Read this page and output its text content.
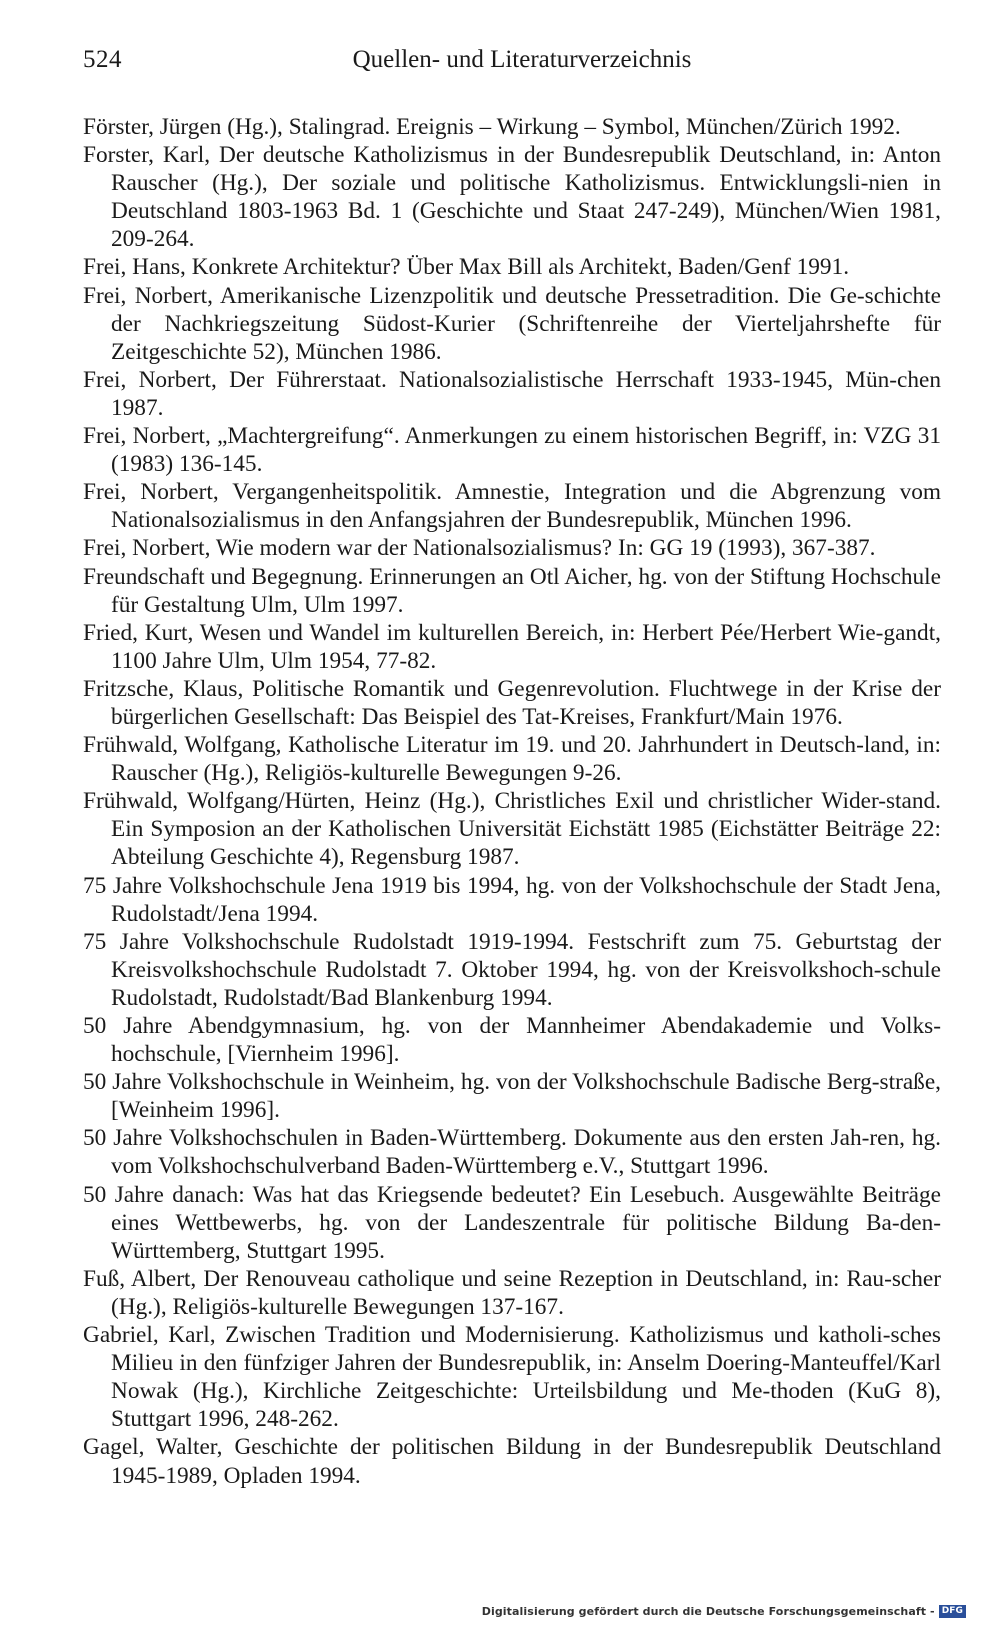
524	Quellen- und Literaturverzeichnis
Förster, Jürgen (Hg.), Stalingrad. Ereignis – Wirkung – Symbol, München/Zürich 1992.
Forster, Karl, Der deutsche Katholizismus in der Bundesrepublik Deutschland, in: Anton Rauscher (Hg.), Der soziale und politische Katholizismus. Entwicklungsli-nien in Deutschland 1803-1963 Bd. 1 (Geschichte und Staat 247-249), München/Wien 1981, 209-264.
Frei, Hans, Konkrete Architektur? Über Max Bill als Architekt, Baden/Genf 1991.
Frei, Norbert, Amerikanische Lizenzpolitik und deutsche Pressetradition. Die Ge-schichte der Nachkriegszeitung Südost-Kurier (Schriftenreihe der Vierteljahrshefte für Zeitgeschichte 52), München 1986.
Frei, Norbert, Der Führerstaat. Nationalsozialistische Herrschaft 1933-1945, Mün-chen 1987.
Frei, Norbert, „Machtergreifung“. Anmerkungen zu einem historischen Begriff, in: VZG 31 (1983) 136-145.
Frei, Norbert, Vergangenheitspolitik. Amnestie, Integration und die Abgrenzung vom Nationalsozialismus in den Anfangsjahren der Bundesrepublik, München 1996.
Frei, Norbert, Wie modern war der Nationalsozialismus? In: GG 19 (1993), 367-387.
Freundschaft und Begegnung. Erinnerungen an Otl Aicher, hg. von der Stiftung Hochschule für Gestaltung Ulm, Ulm 1997.
Fried, Kurt, Wesen und Wandel im kulturellen Bereich, in: Herbert Pée/Herbert Wie-gandt, 1100 Jahre Ulm, Ulm 1954, 77-82.
Fritzsche, Klaus, Politische Romantik und Gegenrevolution. Fluchtwege in der Krise der bürgerlichen Gesellschaft: Das Beispiel des Tat-Kreises, Frankfurt/Main 1976.
Frühwald, Wolfgang, Katholische Literatur im 19. und 20. Jahrhundert in Deutsch-land, in: Rauscher (Hg.), Religiös-kulturelle Bewegungen 9-26.
Frühwald, Wolfgang/Hürten, Heinz (Hg.), Christliches Exil und christlicher Wider-stand. Ein Symposion an der Katholischen Universität Eichstätt 1985 (Eichstätter Beiträge 22: Abteilung Geschichte 4), Regensburg 1987.
75 Jahre Volkshochschule Jena 1919 bis 1994, hg. von der Volkshochschule der Stadt Jena, Rudolstadt/Jena 1994.
75 Jahre Volkshochschule Rudolstadt 1919-1994. Festschrift zum 75. Geburtstag der Kreisvolkshochschule Rudolstadt 7. Oktober 1994, hg. von der Kreisvolkshoch-schule Rudolstadt, Rudolstadt/Bad Blankenburg 1994.
50 Jahre Abendgymnasium, hg. von der Mannheimer Abendakademie und Volks-hochschule, [Viernheim 1996].
50 Jahre Volkshochschule in Weinheim, hg. von der Volkshochschule Badische Berg-straße, [Weinheim 1996].
50 Jahre Volkshochschulen in Baden-Württemberg. Dokumente aus den ersten Jah-ren, hg. vom Volkshochschulverband Baden-Württemberg e.V., Stuttgart 1996.
50 Jahre danach: Was hat das Kriegsende bedeutet? Ein Lesebuch. Ausgewählte Beiträge eines Wettbewerbs, hg. von der Landeszentrale für politische Bildung Ba-den-Württemberg, Stuttgart 1995.
Fuß, Albert, Der Renouveau catholique und seine Rezeption in Deutschland, in: Rau-scher (Hg.), Religiös-kulturelle Bewegungen 137-167.
Gabriel, Karl, Zwischen Tradition und Modernisierung. Katholizismus und katholi-sches Milieu in den fünfziger Jahren der Bundesrepublik, in: Anselm Doering-Manteuffel/Karl Nowak (Hg.), Kirchliche Zeitgeschichte: Urteilsbildung und Me-thoden (KuG 8), Stuttgart 1996, 248-262.
Gagel, Walter, Geschichte der politischen Bildung in der Bundesrepublik Deutschland 1945-1989, Opladen 1994.
Digitalisierung gefördert durch die Deutsche Forschungsgemeinschaft - DFG
